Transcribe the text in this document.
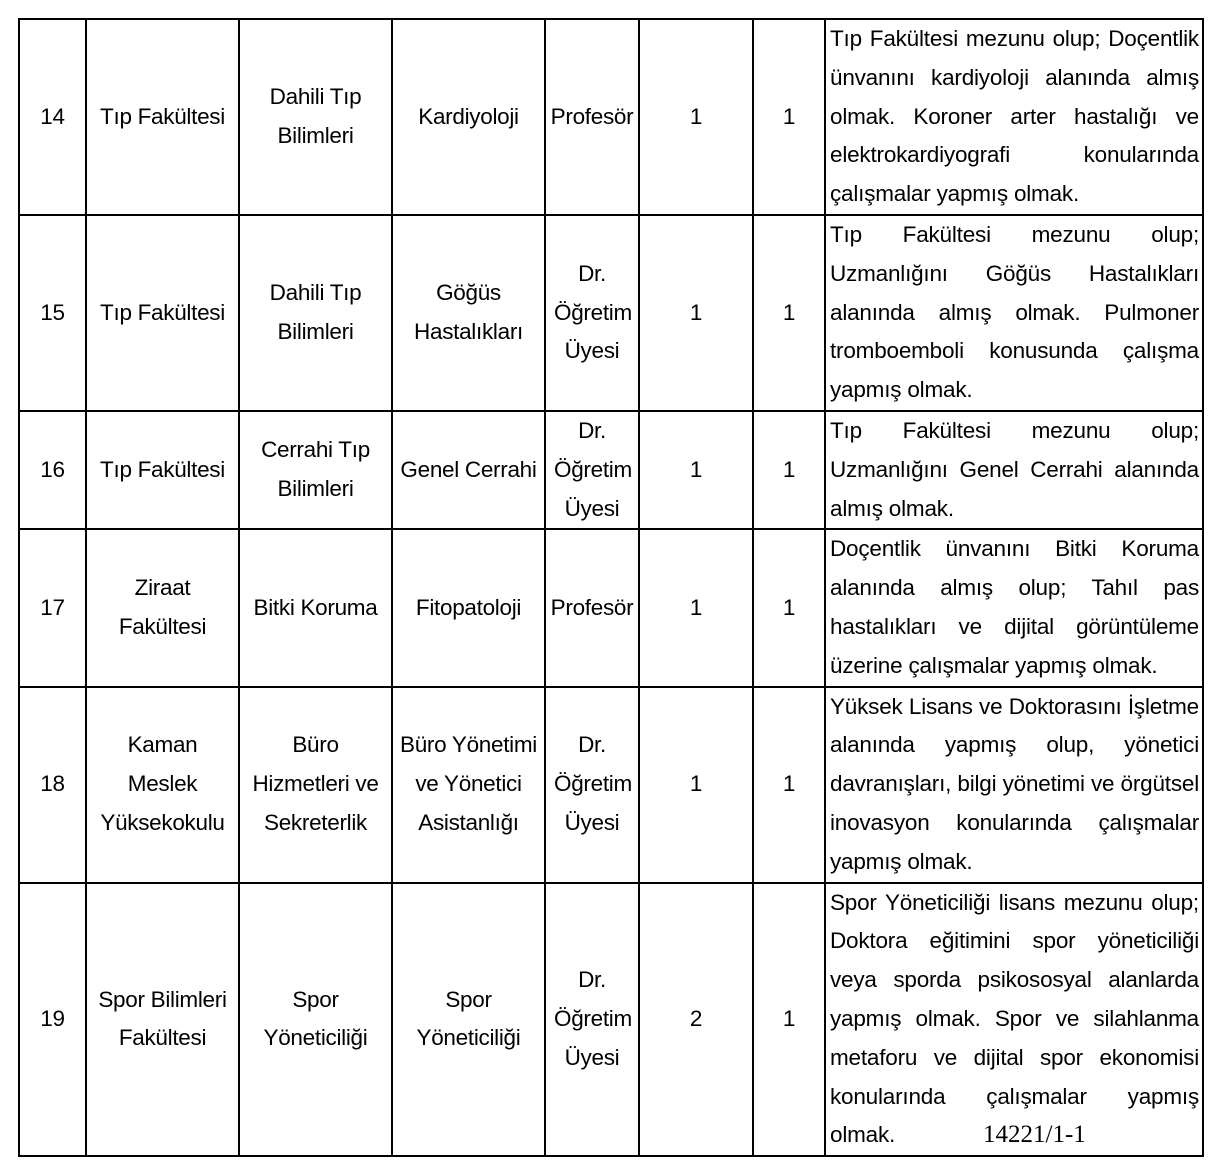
14	Tıp Fakültesi	Dahili Tıp Bilimleri	Kardiyoloji	Profesör	1	1	Tıp Fakültesi mezunu olup; Doçentlik ünvanını kardiyoloji alanında almış olmak. Koroner arter hastalığı ve elektrokardiyografi konularında çalışmalar yapmış olmak.
15	Tıp Fakültesi	Dahili Tıp Bilimleri	Göğüs Hastalıkları	Dr. Öğretim Üyesi	1	1	Tıp Fakültesi mezunu olup; Uzmanlığını Göğüs Hastalıkları alanında almış olmak. Pulmoner tromboemboli konusunda çalışma yapmış olmak.
16	Tıp Fakültesi	Cerrahi Tıp Bilimleri	Genel Cerrahi	Dr. Öğretim Üyesi	1	1	Tıp Fakültesi mezunu olup; Uzmanlığını Genel Cerrahi alanında almış olmak.
17	Ziraat Fakültesi	Bitki Koruma	Fitopatoloji	Profesör	1	1	Doçentlik ünvanını Bitki Koruma alanında almış olup; Tahıl pas hastalıkları ve dijital görüntüleme üzerine çalışmalar yapmış olmak.
18	Kaman Meslek Yüksekokulu	Büro Hizmetleri ve Sekreterlik	Büro Yönetimi ve Yönetici Asistanlığı	Dr. Öğretim Üyesi	1	1	Yüksek Lisans ve Doktorasını İşletme alanında yapmış olup, yönetici davranışları, bilgi yönetimi ve örgütsel inovasyon konularında çalışmalar yapmış olmak.
19	Spor Bilimleri Fakültesi	Spor Yöneticiliği	Spor Yöneticiliği	Dr. Öğretim Üyesi	2	1	Spor Yöneticiliği lisans mezunu olup; Doktora eğitimini spor yöneticiliği veya sporda psikososyal alanlarda yapmış olmak. Spor ve silahlanma metaforu ve dijital spor ekonomisi konularında çalışmalar yapmış olmak.	14221/1-1
